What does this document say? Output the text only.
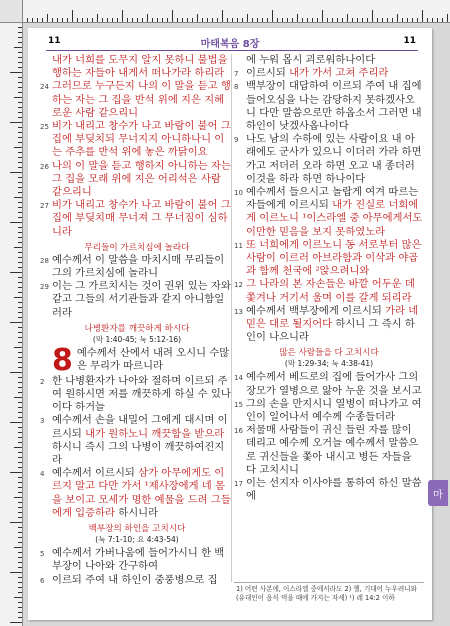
11	마태복음 8장	11

내가 너희를 도무지 알지 못하니 불법을 행하는 자들아 내게서 떠나가라 하리라

24 그러므로 누구든지 나의 이 말을 듣고 행하는 자는 그 집을 반석 위에 지은 지혜로운 사람 같으리니

25 비가 내리고 창수가 나고 바람이 불어 그 집에 부딪치되 무너지지 아니하나니 이는 주추를 반석 위에 놓은 까닭이요

26 나의 이 말을 듣고 행하지 아니하는 자는 그 집을 모래 위에 지은 어리석은 사람 같으리니

27 비가 내리고 창수가 나고 바람이 불어 그 집에 부딪치매 무너져 그 무너짐이 심하니라

무리들이 가르치심에 놀라다

28 예수께서 이 말씀을 마치시매 무리들이 그의 가르치심에 놀라니

29 이는 그 가르치시는 것이 권위 있는 자와 같고 그들의 서기관들과 같지 아니함일러라

나병환자를 깨끗하게 하시다
(막 1:40-45; 눅 5:12-16)

8 예수께서 산에서 내려 오시니 수많은 무리가 따르니라

2 한 나병환자가 나아와 절하며 이르되 주여 원하시면 저를 깨끗하게 하실 수 있나이다 하거늘

3 예수께서 손을 내밀어 그에게 대시며 이르시되 내가 원하노니 깨끗함을 받으라 하시니 즉시 그의 나병이 깨끗하여진지라

4 예수께서 이르시되 삼가 아무에게도 이르지 말고 다만 가서 ¹제사장에게 네 몸을 보이고 모세가 명한 예물을 드려 그들에게 입증하라 하시니라

백부장의 하인을 고치시다
(눅 7:1-10; 요 4:43-54)

5 예수께서 가버나움에 들어가시니 한 백부장이 나아와 간구하여

6 이르되 주여 내 하인이 중풍병으로 집

에 누워 몹시 괴로워하나이다

7 이르시되 내가 가서 고쳐 주리라

8 백부장이 대답하여 이르되 주여 내 집에 들어오심을 나는 감당하지 못하겠사오니 다만 말씀으로만 하옵소서 그러면 내 하인이 낫겠사옵나이다

9 나도 남의 수하에 있는 사람이요 내 아래에도 군사가 있으니 이더러 가라 하면 가고 저더러 오라 하면 오고 내 종더러 이것을 하라 하면 하나이다

10 예수께서 들으시고 놀랍게 여겨 따르는 자들에게 이르시되 내가 진실로 너희에게 이르노니 ¹이스라엘 중 아무에게서도 이만한 믿음을 보지 못하였노라

11 또 너희에게 이르노니 동 서로부터 많은 사람이 이르러 아브라함과 이삭과 야곱과 함께 천국에 ²앉으려니와

12 그 나라의 본 자손들은 바깥 어두운 데 쫓겨나 거기서 울며 이를 갈게 되리라

13 예수께서 백부장에게 이르시되 가라 네 믿은 대로 될지어다 하시니 그 즉시 하인이 나으니라

많은 사람들을 다 고치시다
(막 1:29-34; 눅 4:38-41)

14 예수께서 베드로의 집에 들어가사 그의 장모가 열병으로 앓아 누운 것을 보시고

15 그의 손을 만지시니 열병이 떠나가고 여인이 일어나서 예수께 수종들더라

16 저물매 사람들이 귀신 들린 자를 많이 데리고 예수께 오거늘 예수께서 말씀으로 귀신들을 쫓아 내시고 병든 자들을 다 고치시니

17 이는 선지자 이사야를 통하여 하신 말씀에

1) 어떤 사본에, 이스라엘 중에서라도 2) 헬, 기대어 누우려니와(유대인이 음식 먹을 때에 가지는 자세) ¹) 레 14:2 이하
마
